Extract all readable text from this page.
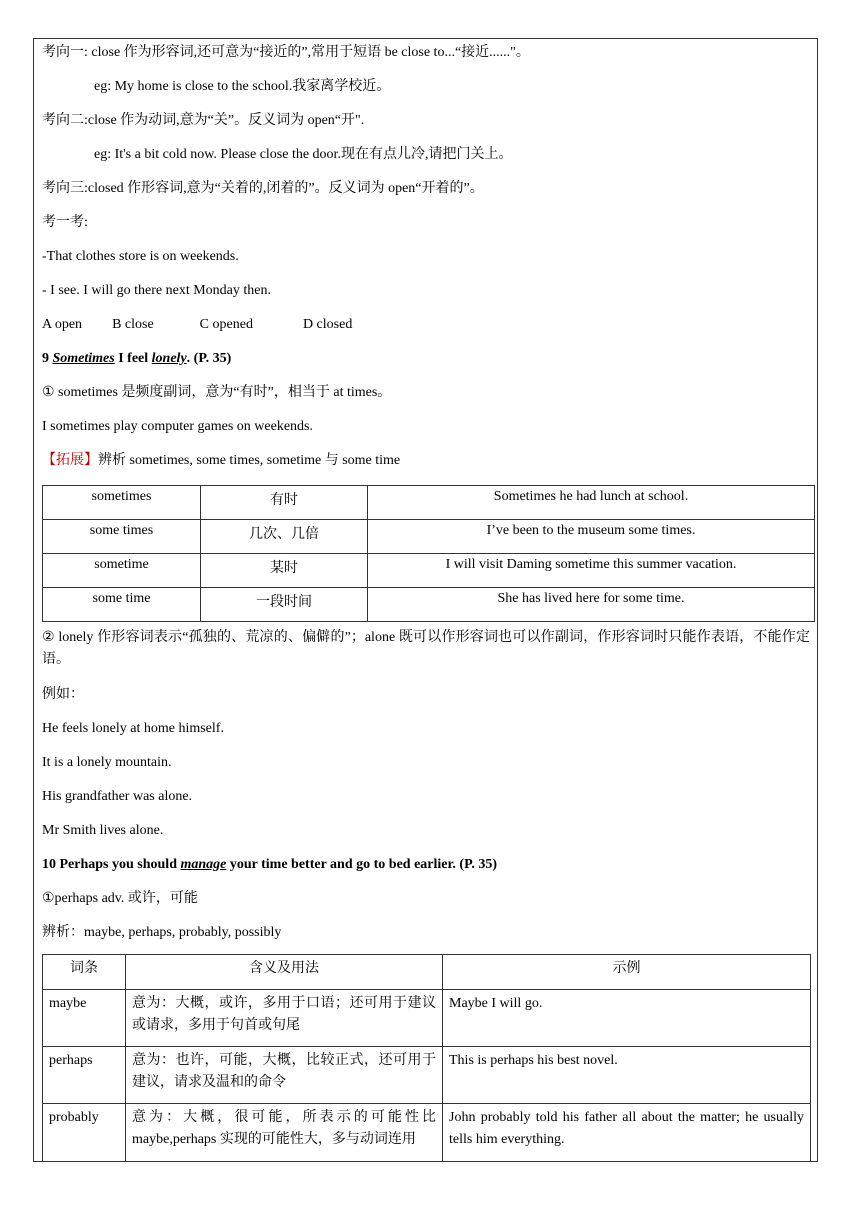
考向一: close 作为形容词,还可意为“接近的”,常用于短语 be close to...“接近......"。
eg: My home is close to the school.我家离学校近。
考向二:close 作为动词,意为“关”。反义词为 open“开".
eg: It's a bit cold now. Please close the door.现在有点儿冷,请把门关上。
考向三:closed 作形容词,意为“关着的,闭着的”。反义词为 open“开着的”。
考一考:
-That clothes store is on weekends.
- I see. I will go there next Monday then.
A open B close	C opened	D closed
9 Sometimes I feel lonely. (P. 35)
① sometimes 是频度副词，意为“有时”，相当于 at times。
I sometimes play computer games on weekends.
【拓展】辨析 sometimes, some times, sometime 与 some time
sometimes	有时	Sometimes he had lunch at school.
some times	几次、几倍	I’ve been to the museum some times.
sometime	某时	I will visit Daming sometime this summer vacation.
some time	一段时间	She has lived here for some time.
② lonely 作形容词表示“孤独的、荒凉的、偏僻的”；alone 既可以作形容词也可以作副词，作形容词时只能作表语，不能作定语。
例如：
He feels lonely at home himself.
It is a lonely mountain.
His grandfather was alone.
Mr Smith lives alone.
10 Perhaps you should manage your time better and go to bed earlier. (P. 35)
①perhaps adv. 或许，可能
辨析：maybe, perhaps, probably, possibly
词条	含义及用法	示例
maybe	意为：大概，或许，多用于口语；还可用于建议或请求，多用于句首或句尾	Maybe I will go.
perhaps	意为：也许，可能，大概，比较正式，还可用于建议，请求及温和的命令	This is perhaps his best novel.
probably	意为：大概，很可能，所表示的可能性比maybe,perhaps 实现的可能性大，多与动词连用	John probably told his father all about the matter; he usually tells him everything.
